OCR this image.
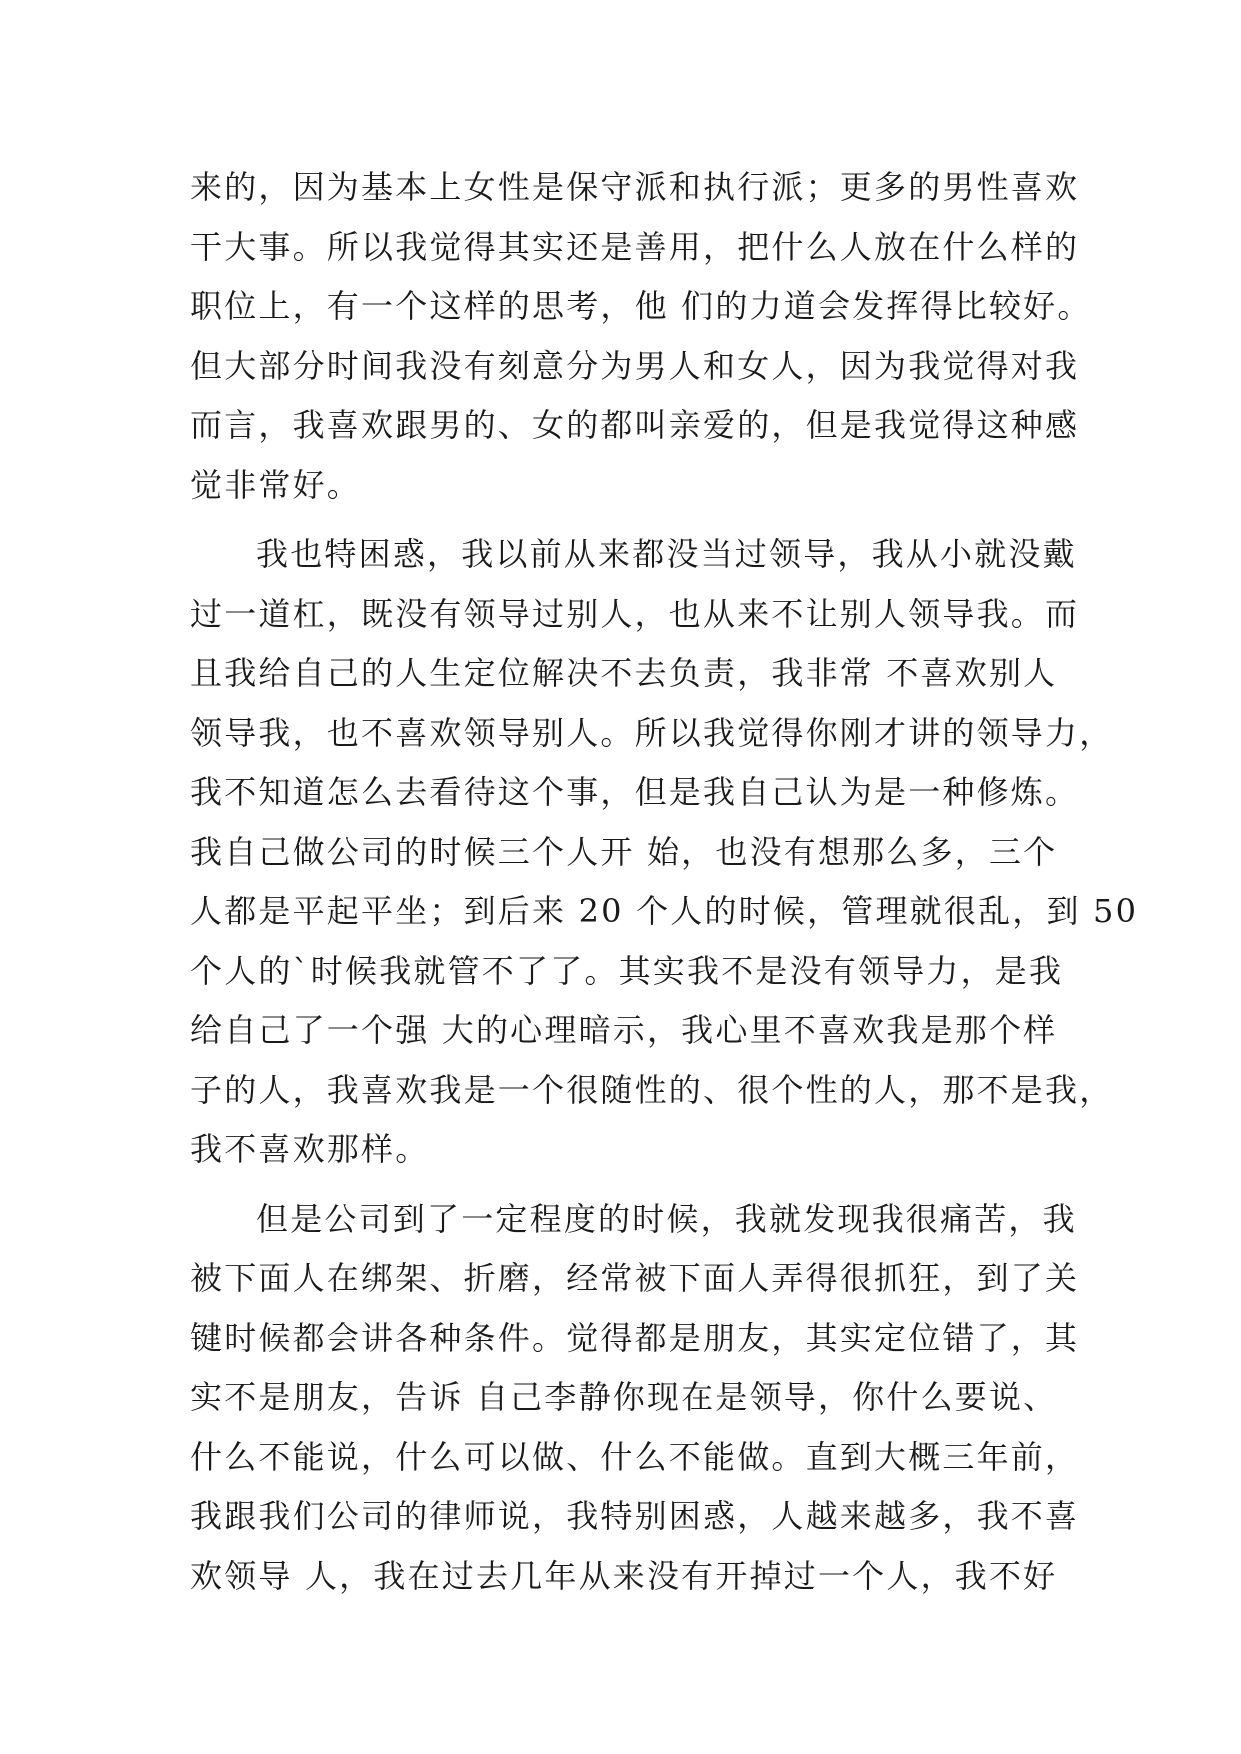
来的，因为基本上女性是保守派和执行派；更多的男性喜欢
干大事。所以我觉得其实还是善用，把什么人放在什么样的
职位上，有一个这样的思考，他 们的力道会发挥得比较好。
但大部分时间我没有刻意分为男人和女人，因为我觉得对我
而言，我喜欢跟男的、女的都叫亲爱的，但是我觉得这种感
觉非常好。
我也特困惑，我以前从来都没当过领导，我从小就没戴
过一道杠，既没有领导过别人，也从来不让别人领导我。而
且我给自己的人生定位解决不去负责，我非常 不喜欢别人
领导我，也不喜欢领导别人。所以我觉得你刚才讲的领导力，
我不知道怎么去看待这个事，但是我自己认为是一种修炼。
我自己做公司的时候三个人开 始，也没有想那么多，三个
人都是平起平坐；到后来 20 个人的时候，管理就很乱，到 50
个人的`时候我就管不了了。其实我不是没有领导力，是我
给自己了一个强 大的心理暗示，我心里不喜欢我是那个样
子的人，我喜欢我是一个很随性的、很个性的人，那不是我，
我不喜欢那样。
但是公司到了一定程度的时候，我就发现我很痛苦，我
被下面人在绑架、折磨，经常被下面人弄得很抓狂，到了关
键时候都会讲各种条件。觉得都是朋友，其实定位错了，其
实不是朋友，告诉 自己李静你现在是领导，你什么要说、
什么不能说，什么可以做、什么不能做。直到大概三年前，
我跟我们公司的律师说，我特别困惑，人越来越多，我不喜
欢领导 人，我在过去几年从来没有开掉过一个人，我不好
